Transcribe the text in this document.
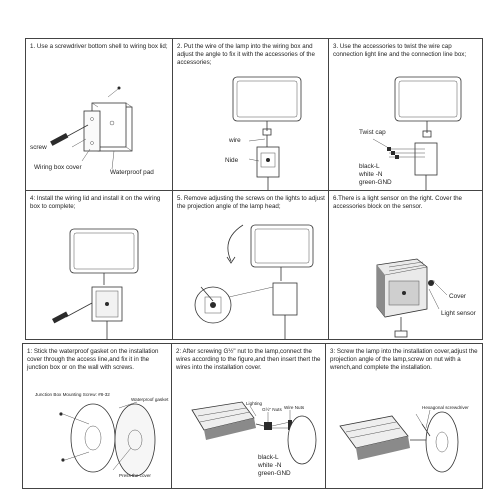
1. Use a screwdriver bottom shell to wiring box lid;
screw
Wiring box cover
Waterproof pad
2. Put the wire of the lamp into the wiring box and adjust the angle to fix it with the accessories of the accessories;
wire
Nide
3. Use the accessories to twist the wire cap connection light line and the connection line box;
Twist cap
black-L
white -N
green-GND
4: Install the wiring lid and install it on the wiring box to complete;
5. Remove adjusting the screws on the lights to adjust the projection angle of the lamp head;
6.There is a light sensor on the right. Cover the accessories block on the sensor.
◎
Cover
Light sensor
1: Stick the waterproof gasket on the installation cover through the access line,and fix it in the junction box or on the wall with screws.
Junction Box Mounting Screw: #8-32
Waterproof gasket
Press the cover
2: After screwing G½" nut to the lamp,connect the wires according to the figure,and then insert thert the wires into the installation cover.
Lighting
G½" Nuts Wire Nuts
black-L
white -N
green-GND
3: Screw the lamp into the installation cover,adjust the projection angle of the lamp,screw on nut with a wrench,and complete the installation.
Hexagonal screwdriver
